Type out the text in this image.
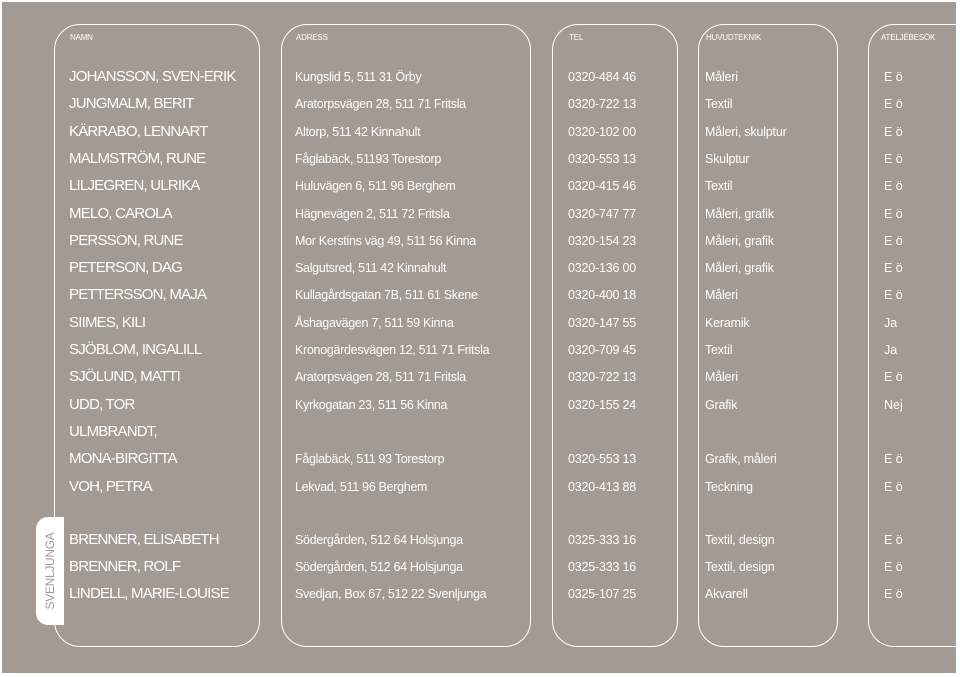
NAMN	ADRESS	TEL	HUVUDTEKNIK	ATELJÉBESÖK
JOHANSSON, SVEN-ERIK	Kungslid 5, 511 31 Örby	0320-484 46	Måleri	E ö
JUNGMALM, BERIT	Aratorpsvägen 28, 511 71 Fritsla	0320-722 13	Textil	E ö
KÄRRABO, LENNART	Altorp, 511 42 Kinnahult	0320-102 00	Måleri, skulptur	E ö
MALMSTRÖM, RUNE	Fåglabäck, 51193 Torestorp	0320-553 13	Skulptur	E ö
LILJEGREN, ULRIKA	Huluvägen 6, 511 96 Berghem	0320-415 46	Textil	E ö
MELO, CAROLA	Hägnevägen 2, 511 72 Fritsla	0320-747 77	Måleri, grafik	E ö
PERSSON, RUNE	Mor Kerstins väg 49, 511 56 Kinna	0320-154 23	Måleri, grafik	E ö
PETERSON, DAG	Salgutsred, 511 42 Kinnahult	0320-136 00	Måleri, grafik	E ö
PETTERSSON, MAJA	Kullagårdsgatan 7B, 511 61 Skene	0320-400 18	Måleri	E ö
SIIMES, KILI	Åshagavägen 7, 511 59 Kinna	0320-147 55	Keramik	Ja
SJÖBLOM, INGALILL	Kronogärdesvägen 12, 511 71 Fritsla	0320-709 45	Textil	Ja
SJÖLUND, MATTI	Aratorpsvägen 28, 511 71 Fritsla	0320-722 13	Måleri	E ö
UDD, TOR	Kyrkogatan 23, 511 56 Kinna	0320-155 24	Grafik	Nej
ULMBRANDT,
MONA-BIRGITTA	Fåglabäck, 511 93 Torestorp	0320-553 13	Grafik, måleri	E ö
VOH, PETRA	Lekvad, 511 96 Berghem	0320-413 88	Teckning	E ö
SVENLJUNGA BRENNER, ELISABETH	Södergården, 512 64 Holsjunga	0325-333 16	Textil, design	E ö
BRENNER, ROLF	Södergården, 512 64 Holsjunga	0325-333 16	Textil, design	E ö
LINDELL, MARIE-LOUISE	Svedjan, Box 67, 512 22 Svenljunga	0325-107 25	Akvarell	E ö
